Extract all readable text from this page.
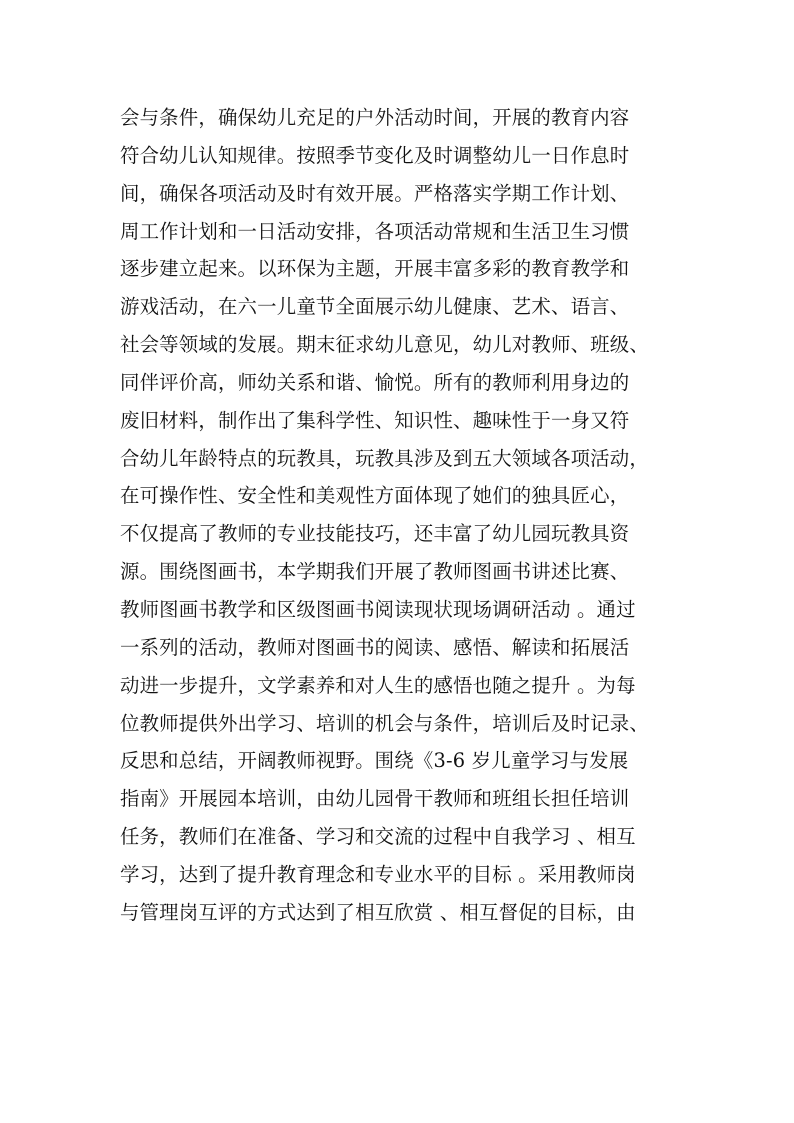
会与条件，确保幼儿充足的户外活动时间，开展的教育内容
符合幼儿认知规律。按照季节变化及时调整幼儿一日作息时
间，确保各项活动及时有效开展。严格落实学期工作计划、
周工作计划和一日活动安排，各项活动常规和生活卫生习惯
逐步建立起来。以环保为主题，开展丰富多彩的教育教学和
游戏活动，在六一儿童节全面展示幼儿健康、艺术、语言、
社会等领域的发展。期末征求幼儿意见，幼儿对教师、班级、
同伴评价高，师幼关系和谐、愉悦。所有的教师利用身边的
废旧材料，制作出了集科学性、知识性、趣味性于一身又符
合幼儿年龄特点的玩教具，玩教具涉及到五大领域各项活动，
在可操作性、安全性和美观性方面体现了她们的独具匠心，
不仅提高了教师的专业技能技巧，还丰富了幼儿园玩教具资
源。围绕图画书，本学期我们开展了教师图画书讲述比赛、
教师图画书教学和区级图画书阅读现状现场调研活动 。通过
一系列的活动，教师对图画书的阅读、感悟、解读和拓展活
动进一步提升，文学素养和对人生的感悟也随之提升 。为每
位教师提供外出学习、培训的机会与条件，培训后及时记录、
反思和总结，开阔教师视野。围绕《3-6 岁儿童学习与发展
指南》开展园本培训，由幼儿园骨干教师和班组长担任培训
任务，教师们在准备、学习和交流的过程中自我学习 、相互
学习，达到了提升教育理念和专业水平的目标 。采用教师岗
与管理岗互评的方式达到了相互欣赏 、相互督促的目标，由
